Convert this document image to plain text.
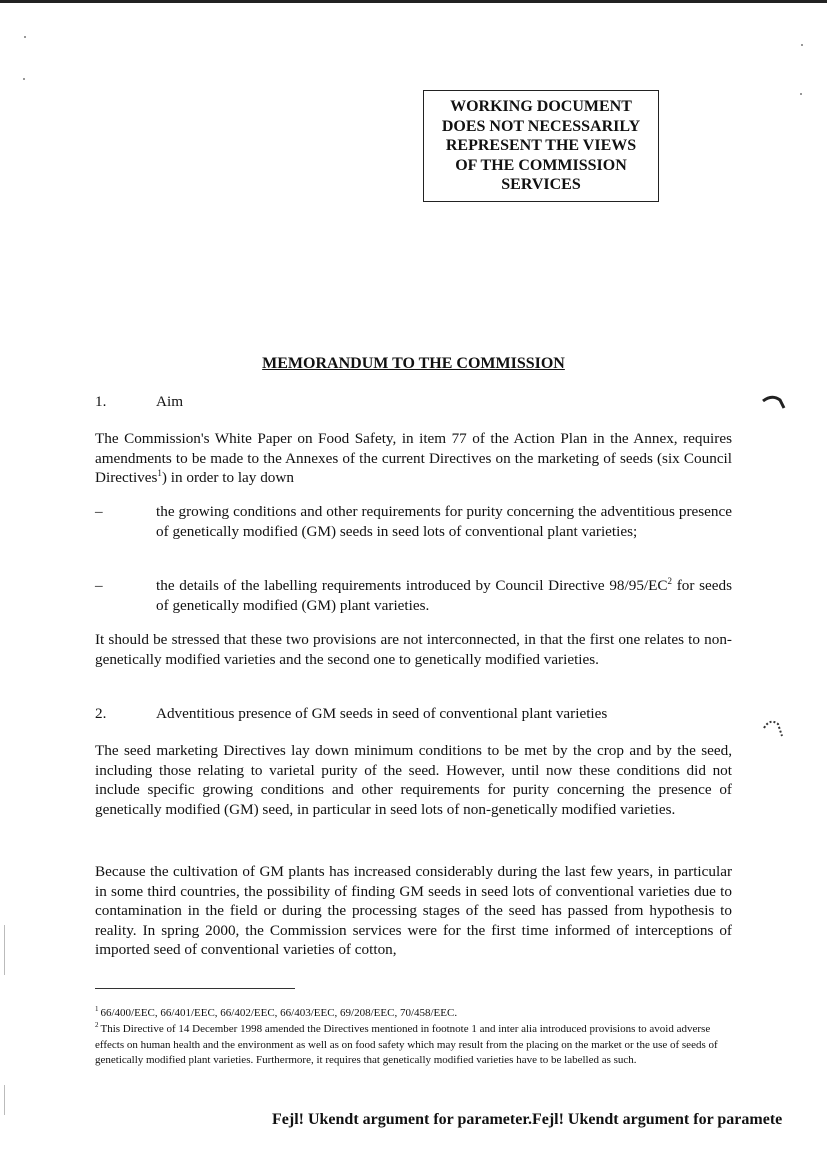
WORKING DOCUMENT
DOES NOT NECESSARILY
REPRESENT THE VIEWS
OF THE COMMISSION
SERVICES
MEMORANDUM TO THE COMMISSION
1.	Aim
The Commission's White Paper on Food Safety, in item 77 of the Action Plan in the Annex, requires amendments to be made to the Annexes of the current Directives on the marketing of seeds (six Council Directives$^1$) in order to lay down
–	the growing conditions and other requirements for purity concerning the adventitious presence of genetically modified (GM) seeds in seed lots of conventional plant varieties;
–	the details of the labelling requirements introduced by Council Directive $98/95/EC^2$ for seeds of genetically modified (GM) plant varieties.
It should be stressed that these two provisions are not interconnected, in that the first one relates to non-genetically modified varieties and the second one to genetically modified varieties.
2.	Adventitious presence of GM seeds in seed of conventional plant varieties
The seed marketing Directives lay down minimum conditions to be met by the crop and by the seed, including those relating to varietal purity of the seed. However, until now these conditions did not include specific growing conditions and other requirements for purity concerning the presence of genetically modified (GM) seed, in particular in seed lots of non-genetically modified varieties.
Because the cultivation of GM plants has increased considerably during the last few years, in particular in some third countries, the possibility of finding GM seeds in seed lots of conventional varieties due to contamination in the field or during the processing stages of the seed has passed from hypothesis to reality. In spring 2000, the Commission services were for the first time informed of interceptions of imported seed of conventional varieties of cotton,
$^1$ 66/400/EEC, 66/401/EEC, 66/402/EEC, 66/403/EEC, 69/208/EEC, 70/458/EEC.
$^2$ This Directive of 14 December 1998 amended the Directives mentioned in footnote 1 and inter alia introduced provisions to avoid adverse effects on human health and the environment as well as on food safety which may result from the placing on the market or the use of seeds of genetically modified plant varieties. Furthermore, it requires that genetically modified varieties have to be labelled as such.
Fejl! Ukendt argument for parameter.Fejl! Ukendt argument for paramete
